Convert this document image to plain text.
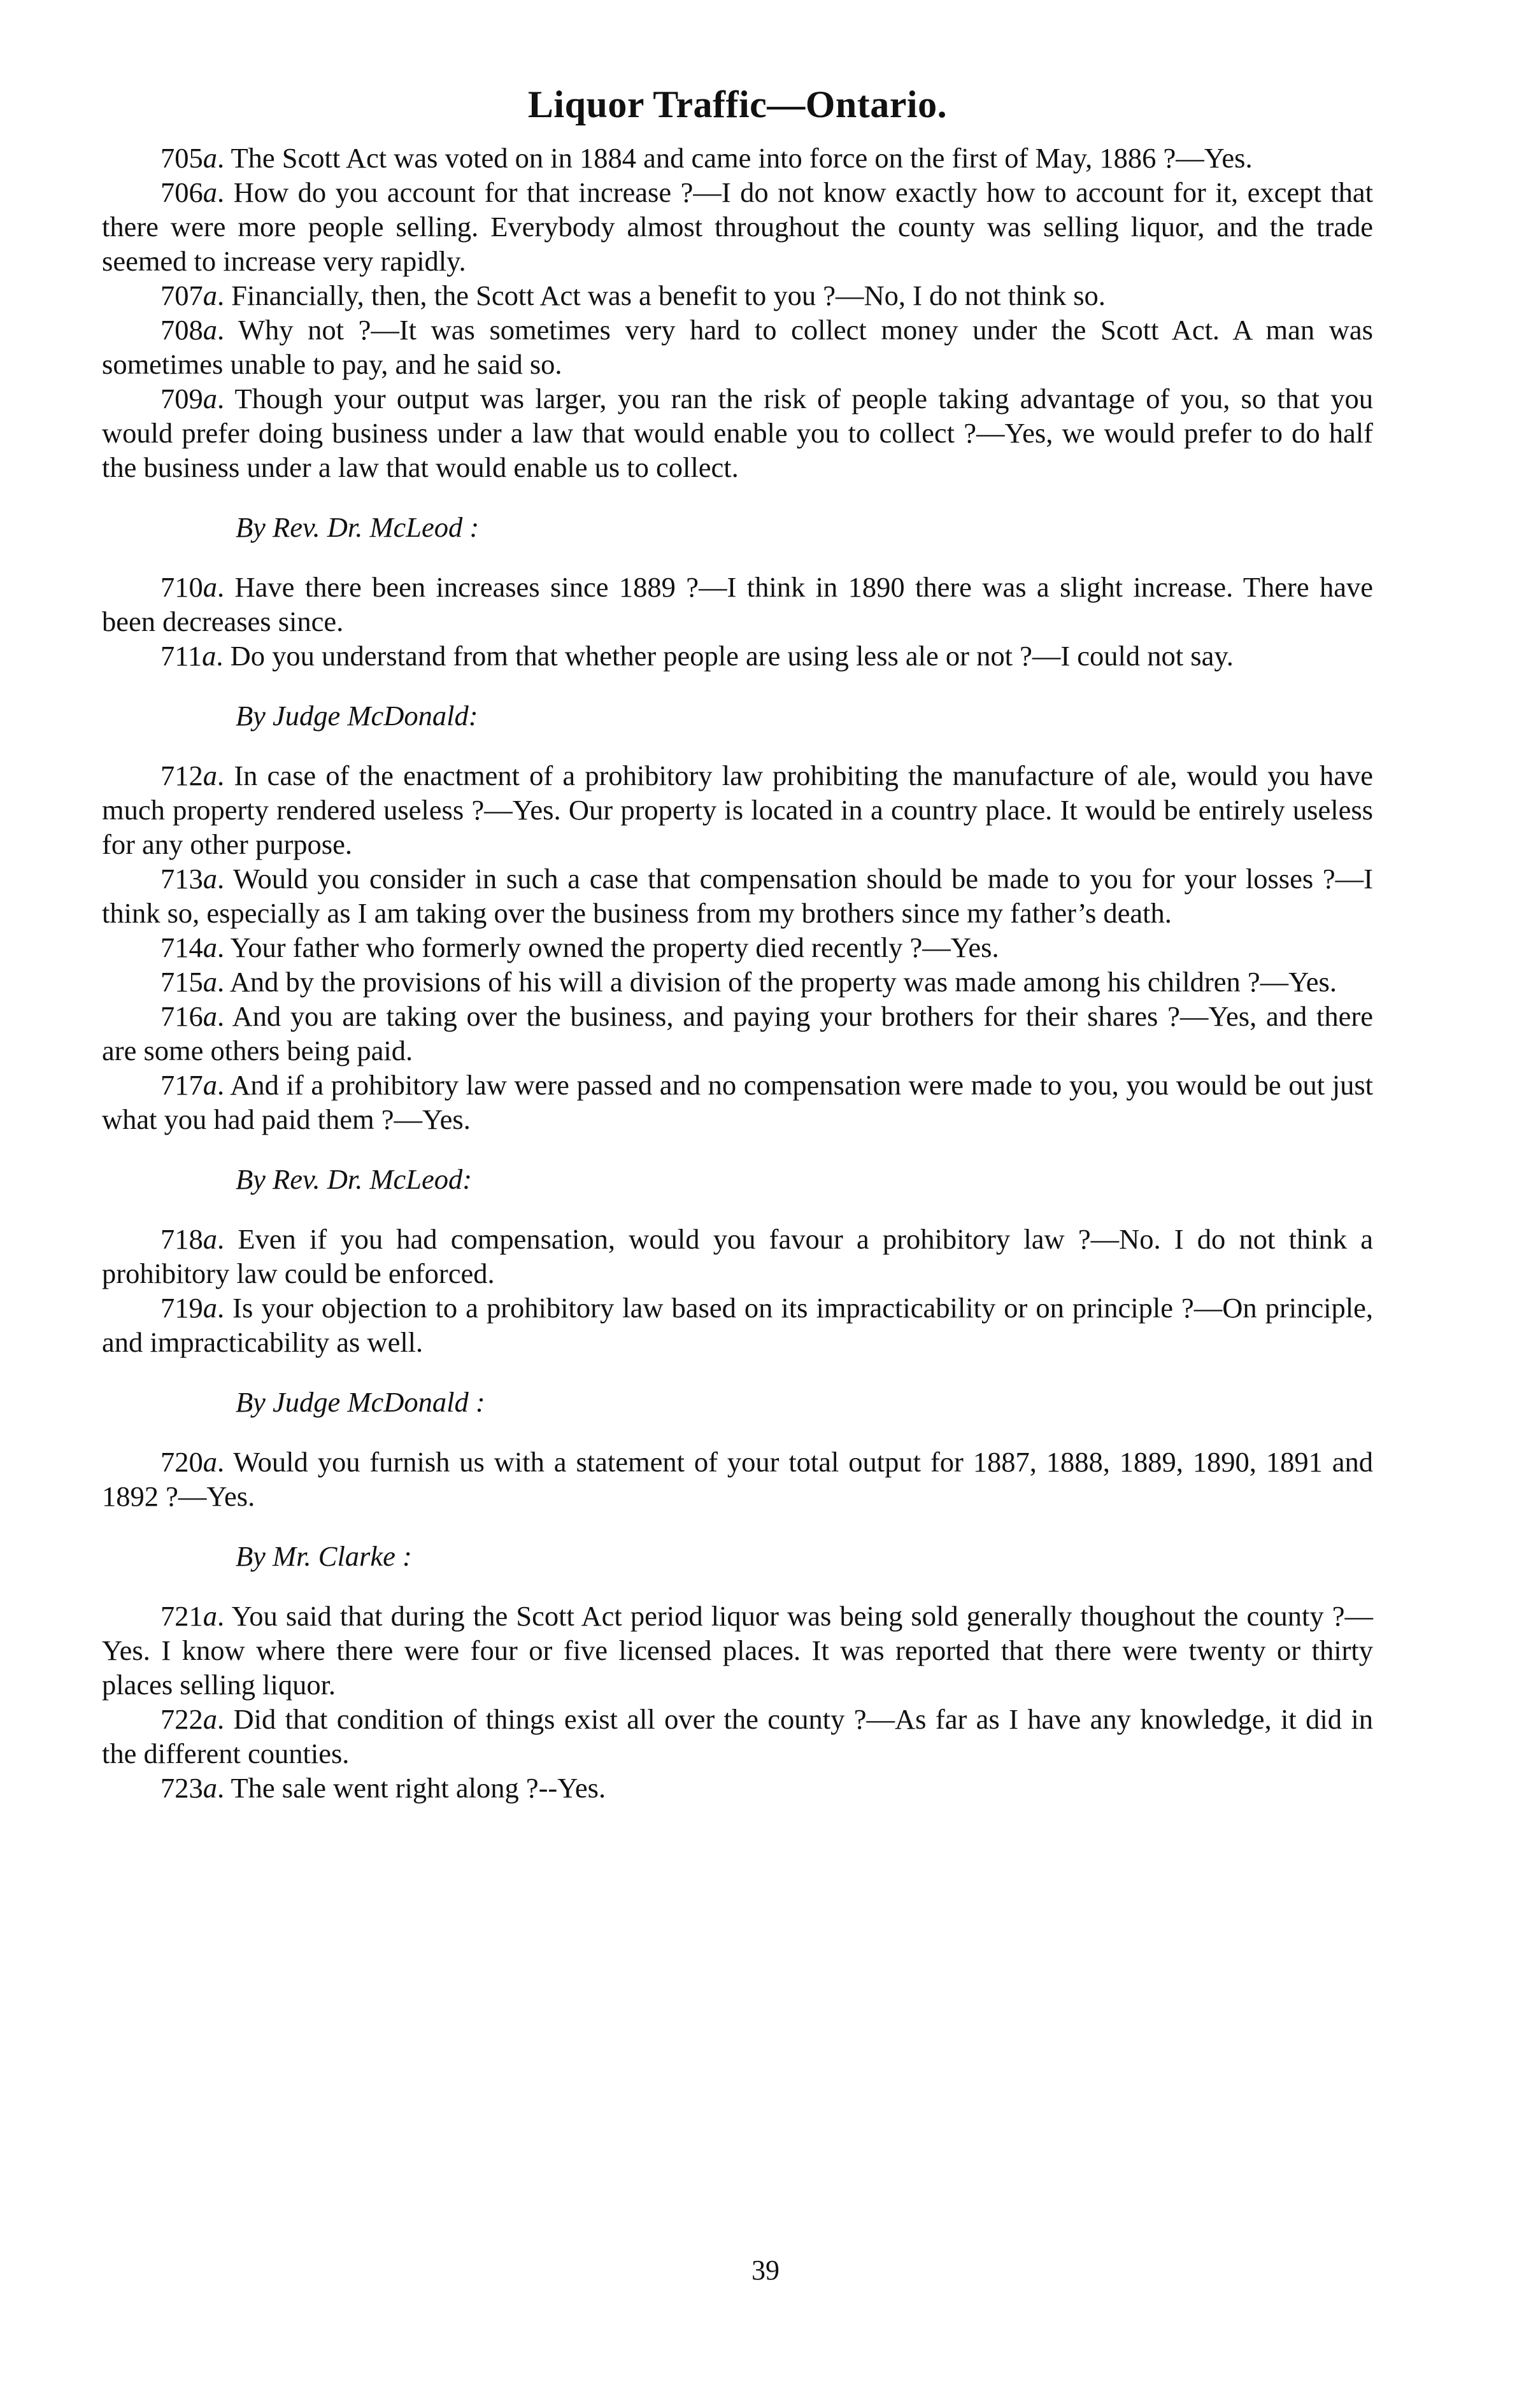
Liquor Traffic—Ontario.

705a. The Scott Act was voted on in 1884 and came into force on the first of May, 1886 ?—Yes.

706a. How do you account for that increase ?—I do not know exactly how to account for it, except that there were more people selling. Everybody almost throughout the county was selling liquor, and the trade seemed to increase very rapidly.

707a. Financially, then, the Scott Act was a benefit to you ?—No, I do not think so.

708a. Why not ?—It was sometimes very hard to collect money under the Scott Act. A man was sometimes unable to pay, and he said so.

709a. Though your output was larger, you ran the risk of people taking advantage of you, so that you would prefer doing business under a law that would enable you to collect ?—Yes, we would prefer to do half the business under a law that would enable us to collect.

By Rev. Dr. McLeod :

710a. Have there been increases since 1889 ?—I think in 1890 there was a slight increase. There have been decreases since.

711a. Do you understand from that whether people are using less ale or not ?—I could not say.

By Judge McDonald:

712a. In case of the enactment of a prohibitory law prohibiting the manufacture of ale, would you have much property rendered useless ?—Yes. Our property is located in a country place. It would be entirely useless for any other purpose.

713a. Would you consider in such a case that compensation should be made to you for your losses ?—I think so, especially as I am taking over the business from my brothers since my father’s death.

714a. Your father who formerly owned the property died recently ?—Yes.

715a. And by the provisions of his will a division of the property was made among his children ?—Yes.

716a. And you are taking over the business, and paying your brothers for their shares ?—Yes, and there are some others being paid.

717a. And if a prohibitory law were passed and no compensation were made to you, you would be out just what you had paid them ?—Yes.

By Rev. Dr. McLeod:

718a. Even if you had compensation, would you favour a prohibitory law ?—No. I do not think a prohibitory law could be enforced.

719a. Is your objection to a prohibitory law based on its impracticability or on principle ?—On principle, and impracticability as well.

By Judge McDonald :

720a. Would you furnish us with a statement of your total output for 1887, 1888, 1889, 1890, 1891 and 1892 ?—Yes.

By Mr. Clarke :

721a. You said that during the Scott Act period liquor was being sold generally thoughout the county ?—Yes. I know where there were four or five licensed places. It was reported that there were twenty or thirty places selling liquor.

722a. Did that condition of things exist all over the county ?—As far as I have any knowledge, it did in the different counties.

723a. The sale went right along ?--Yes.

39
